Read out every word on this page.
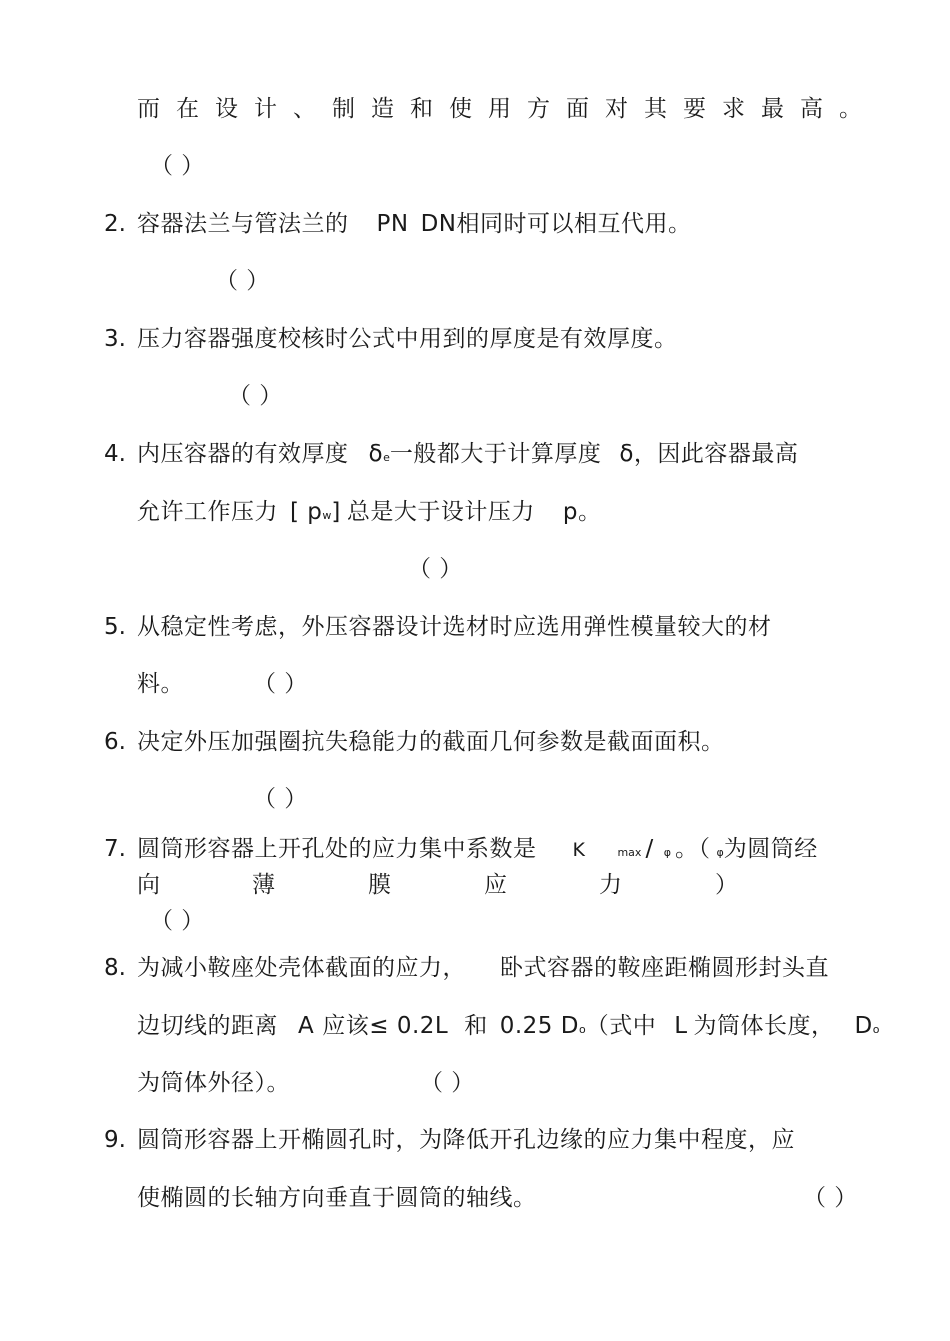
而在设计、制造和使用方面对其要求最高。
（ ）
2. 容器法兰与管法兰的 PN DN相同时可以相互代用。
（ ）
3. 压力容器强度校核时公式中用到的厚度是有效厚度。
（ ）
4. 内压容器的有效厚度 δe一般都大于计算厚度 δ，因此容器最高
允许工作压力 [ pw] 总是大于设计压力 p。
（ ）
5. 从稳定性考虑，外压容器设计选材时应选用弹性模量较大的材
料。	（ ）
6. 决定外压加强圈抗失稳能力的截面几何参数是截面面积。
（ ）
7. 圆筒形容器上开孔处的应力集中系数是 K	max / φ 。（ φ为圆筒经
向	薄	膜	应	力	）
（ ）
8. 为减小鞍座处壳体截面的应力， 卧式容器的鞍座距椭圆形封头直
边切线的距离 A 应该≤ 0.2L 和 0.25 Do（式中 L 为筒体长度， Do
为筒体外径）。	（ ）
9. 圆筒形容器上开椭圆孔时，为降低开孔边缘的应力集中程度，应
使椭圆的长轴方向垂直于圆筒的轴线。	（ ）
